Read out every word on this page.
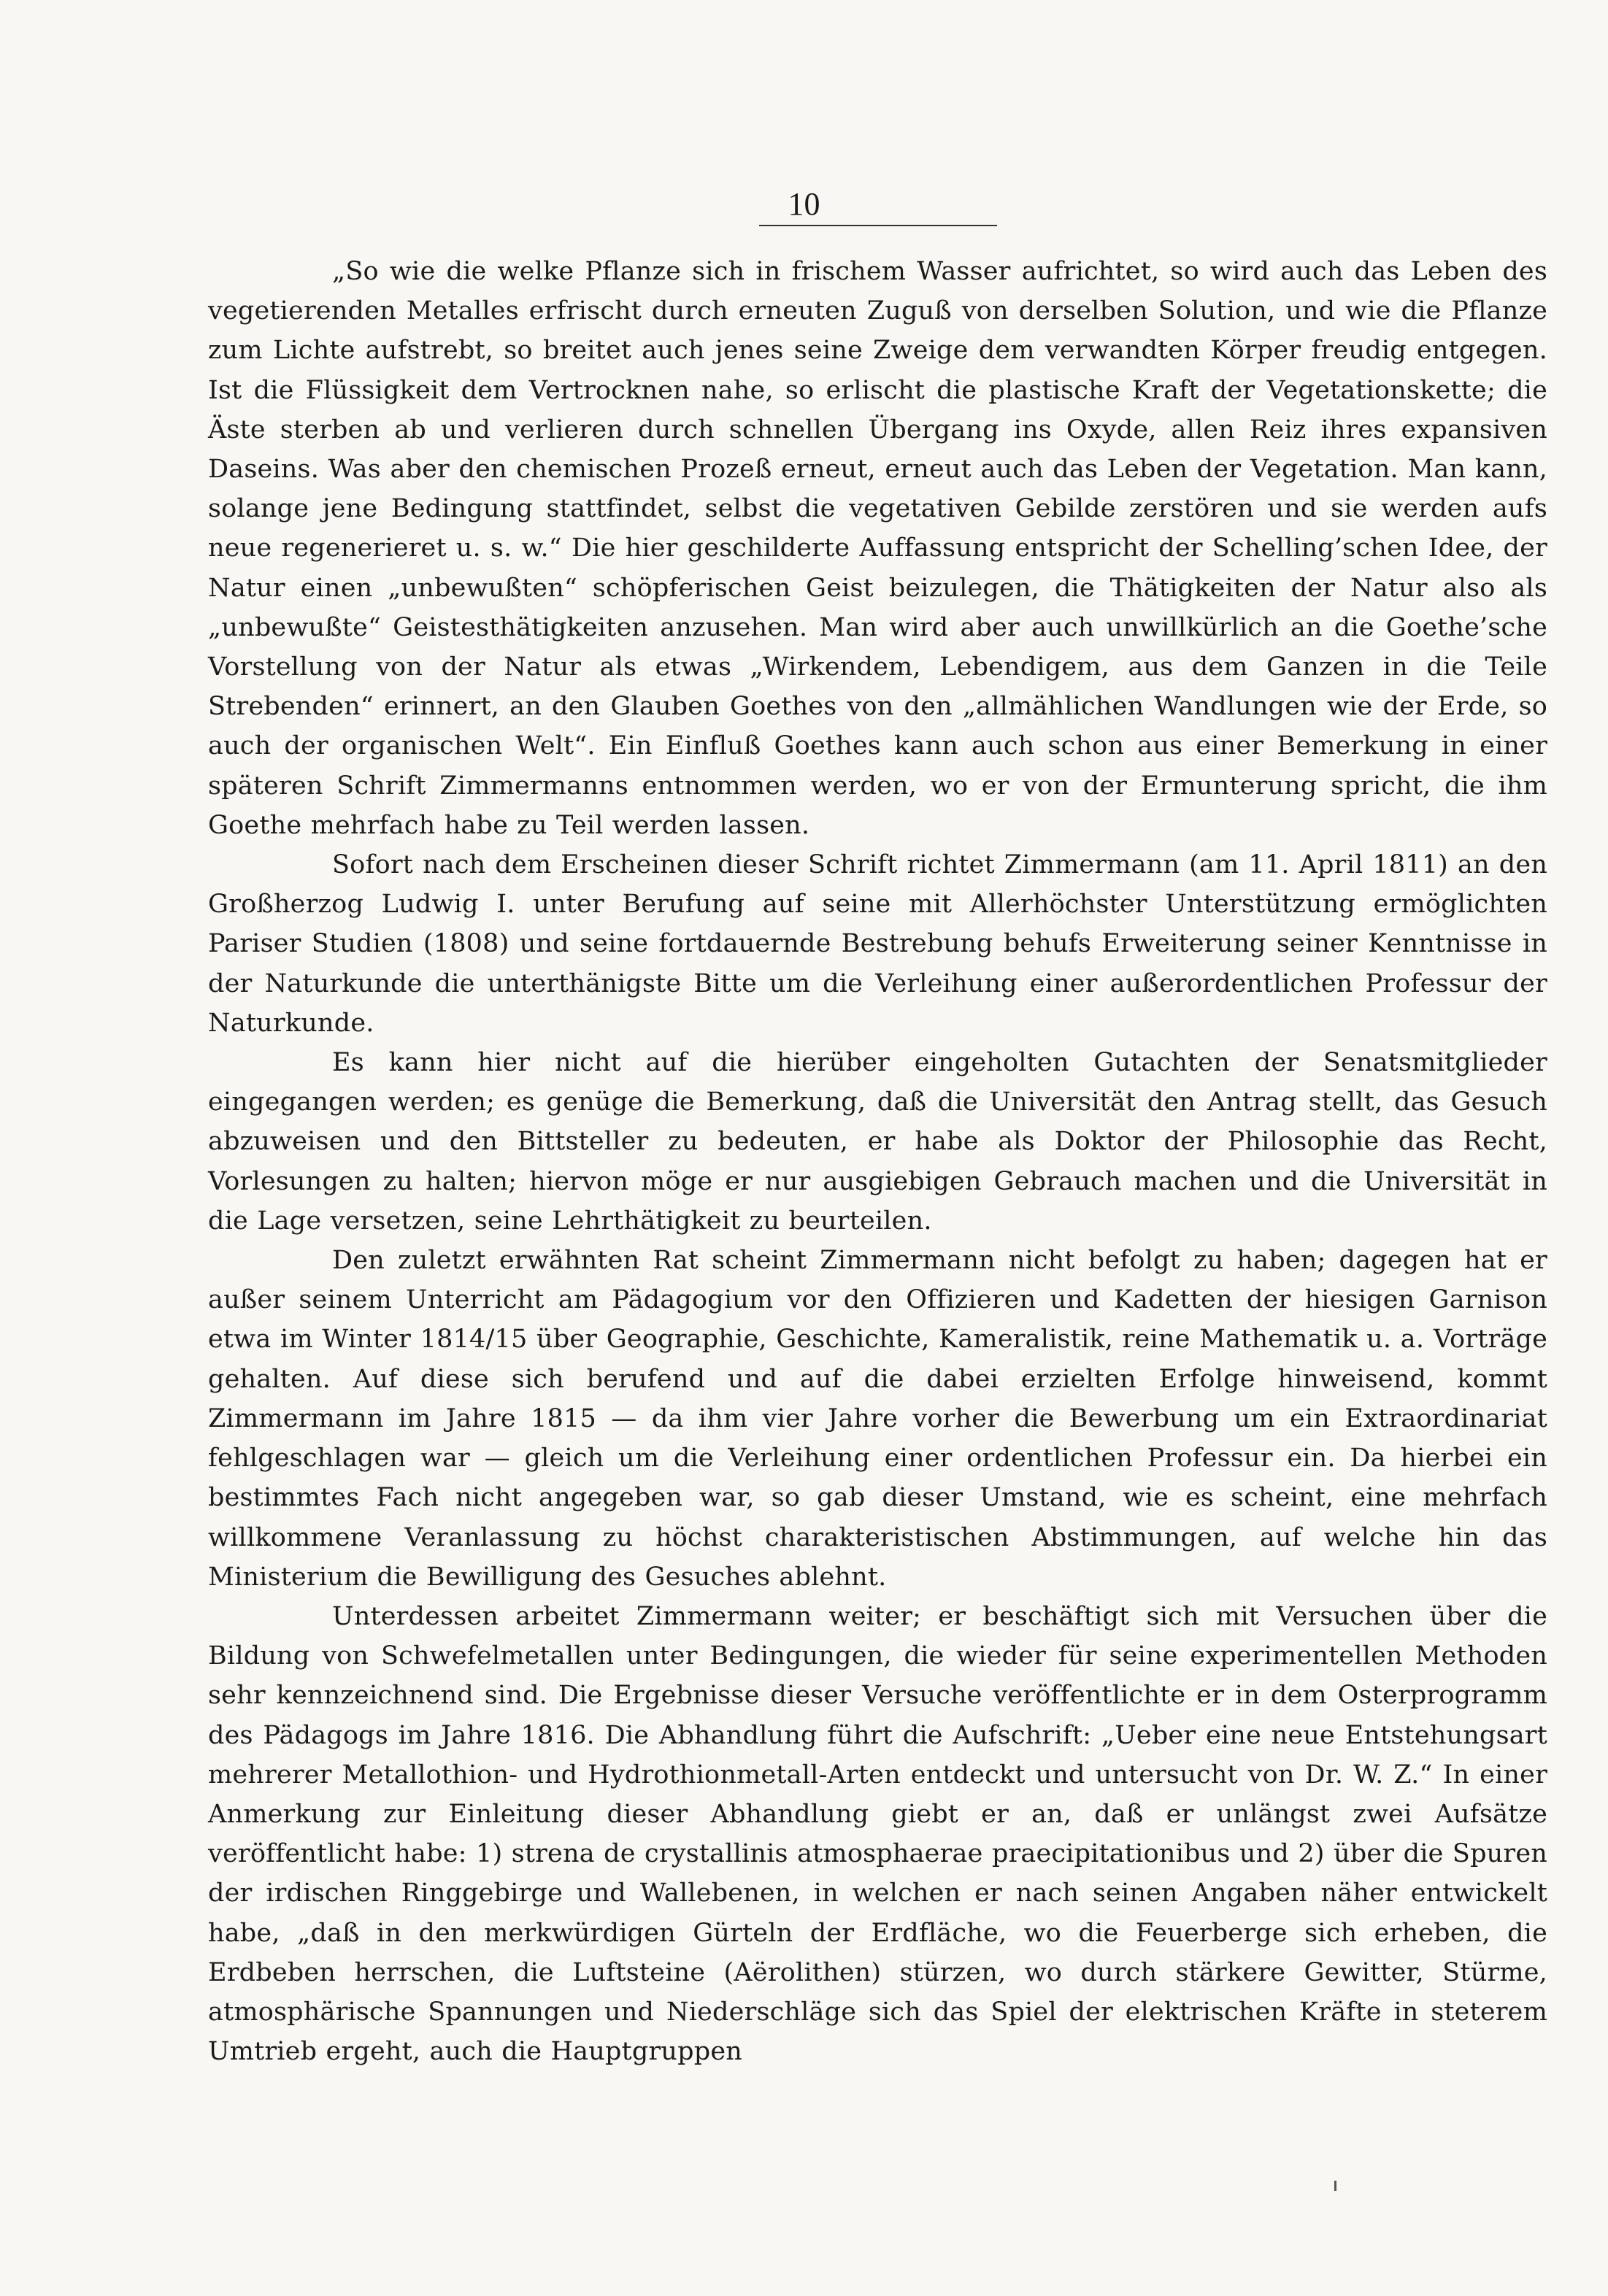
10

„So wie die welke Pflanze sich in frischem Wasser aufrichtet, so wird auch das Leben des vegetierenden Metalles erfrischt durch erneuten Zuguß von derselben Solution, und wie die Pflanze zum Lichte aufstrebt, so breitet auch jenes seine Zweige dem verwandten Körper freudig entgegen. Ist die Flüssigkeit dem Vertrocknen nahe, so erlischt die plastische Kraft der Vegetationskette; die Äste sterben ab und verlieren durch schnellen Übergang ins Oxyde, allen Reiz ihres expansiven Daseins. Was aber den chemischen Prozeß erneut, erneut auch das Leben der Vegetation. Man kann, solange jene Bedingung stattfindet, selbst die vegetativen Gebilde zerstören und sie werden aufs neue regenerieret u. s. w.“ Die hier geschilderte Auffassung entspricht der Schelling’schen Idee, der Natur einen „unbewußten“ schöpferischen Geist beizulegen, die Thätigkeiten der Natur also als „unbewußte“ Geistesthätigkeiten anzusehen. Man wird aber auch unwillkürlich an die Goethe’sche Vorstellung von der Natur als etwas „Wirkendem, Lebendigem, aus dem Ganzen in die Teile Strebenden“ erinnert, an den Glauben Goethes von den „allmählichen Wandlungen wie der Erde, so auch der organischen Welt“. Ein Einfluß Goethes kann auch schon aus einer Bemerkung in einer späteren Schrift Zimmermanns entnommen werden, wo er von der Ermunterung spricht, die ihm Goethe mehrfach habe zu Teil werden lassen.

Sofort nach dem Erscheinen dieser Schrift richtet Zimmermann (am 11. April 1811) an den Großherzog Ludwig I. unter Berufung auf seine mit Allerhöchster Unterstützung ermöglichten Pariser Studien (1808) und seine fortdauernde Bestrebung behufs Erweiterung seiner Kenntnisse in der Naturkunde die unterthänigste Bitte um die Verleihung einer außerordentlichen Professur der Naturkunde.

Es kann hier nicht auf die hierüber eingeholten Gutachten der Senatsmitglieder eingegangen werden; es genüge die Bemerkung, daß die Universität den Antrag stellt, das Gesuch abzuweisen und den Bittsteller zu bedeuten, er habe als Doktor der Philosophie das Recht, Vorlesungen zu halten; hiervon möge er nur ausgiebigen Gebrauch machen und die Universität in die Lage versetzen, seine Lehrthätigkeit zu beurteilen.

Den zuletzt erwähnten Rat scheint Zimmermann nicht befolgt zu haben; dagegen hat er außer seinem Unterricht am Pädagogium vor den Offizieren und Kadetten der hiesigen Garnison etwa im Winter 1814/15 über Geographie, Geschichte, Kameralistik, reine Mathematik u. a. Vorträge gehalten. Auf diese sich berufend und auf die dabei erzielten Erfolge hinweisend, kommt Zimmermann im Jahre 1815 — da ihm vier Jahre vorher die Bewerbung um ein Extraordinariat fehlgeschlagen war — gleich um die Verleihung einer ordentlichen Professur ein. Da hierbei ein bestimmtes Fach nicht angegeben war, so gab dieser Umstand, wie es scheint, eine mehrfach willkommene Veranlassung zu höchst charakteristischen Abstimmungen, auf welche hin das Ministerium die Bewilligung des Gesuches ablehnt.

Unterdessen arbeitet Zimmermann weiter; er beschäftigt sich mit Versuchen über die Bildung von Schwefelmetallen unter Bedingungen, die wieder für seine experimentellen Methoden sehr kennzeichnend sind. Die Ergebnisse dieser Versuche veröffentlichte er in dem Osterprogramm des Pädagogs im Jahre 1816. Die Abhandlung führt die Aufschrift: „Ueber eine neue Entstehungsart mehrerer Metallothion- und Hydrothionmetall-Arten entdeckt und untersucht von Dr. W. Z.“ In einer Anmerkung zur Einleitung dieser Abhandlung giebt er an, daß er unlängst zwei Aufsätze veröffentlicht habe: 1) strena de crystallinis atmosphaerae praecipitationibus und 2) über die Spuren der irdischen Ringgebirge und Wallebenen, in welchen er nach seinen Angaben näher entwickelt habe, „daß in den merkwürdigen Gürteln der Erdfläche, wo die Feuerberge sich erheben, die Erdbeben herrschen, die Luftsteine (Aërolithen) stürzen, wo durch stärkere Gewitter, Stürme, atmosphärische Spannungen und Niederschläge sich das Spiel der elektrischen Kräfte in steterem Umtrieb ergeht, auch die Hauptgruppen
